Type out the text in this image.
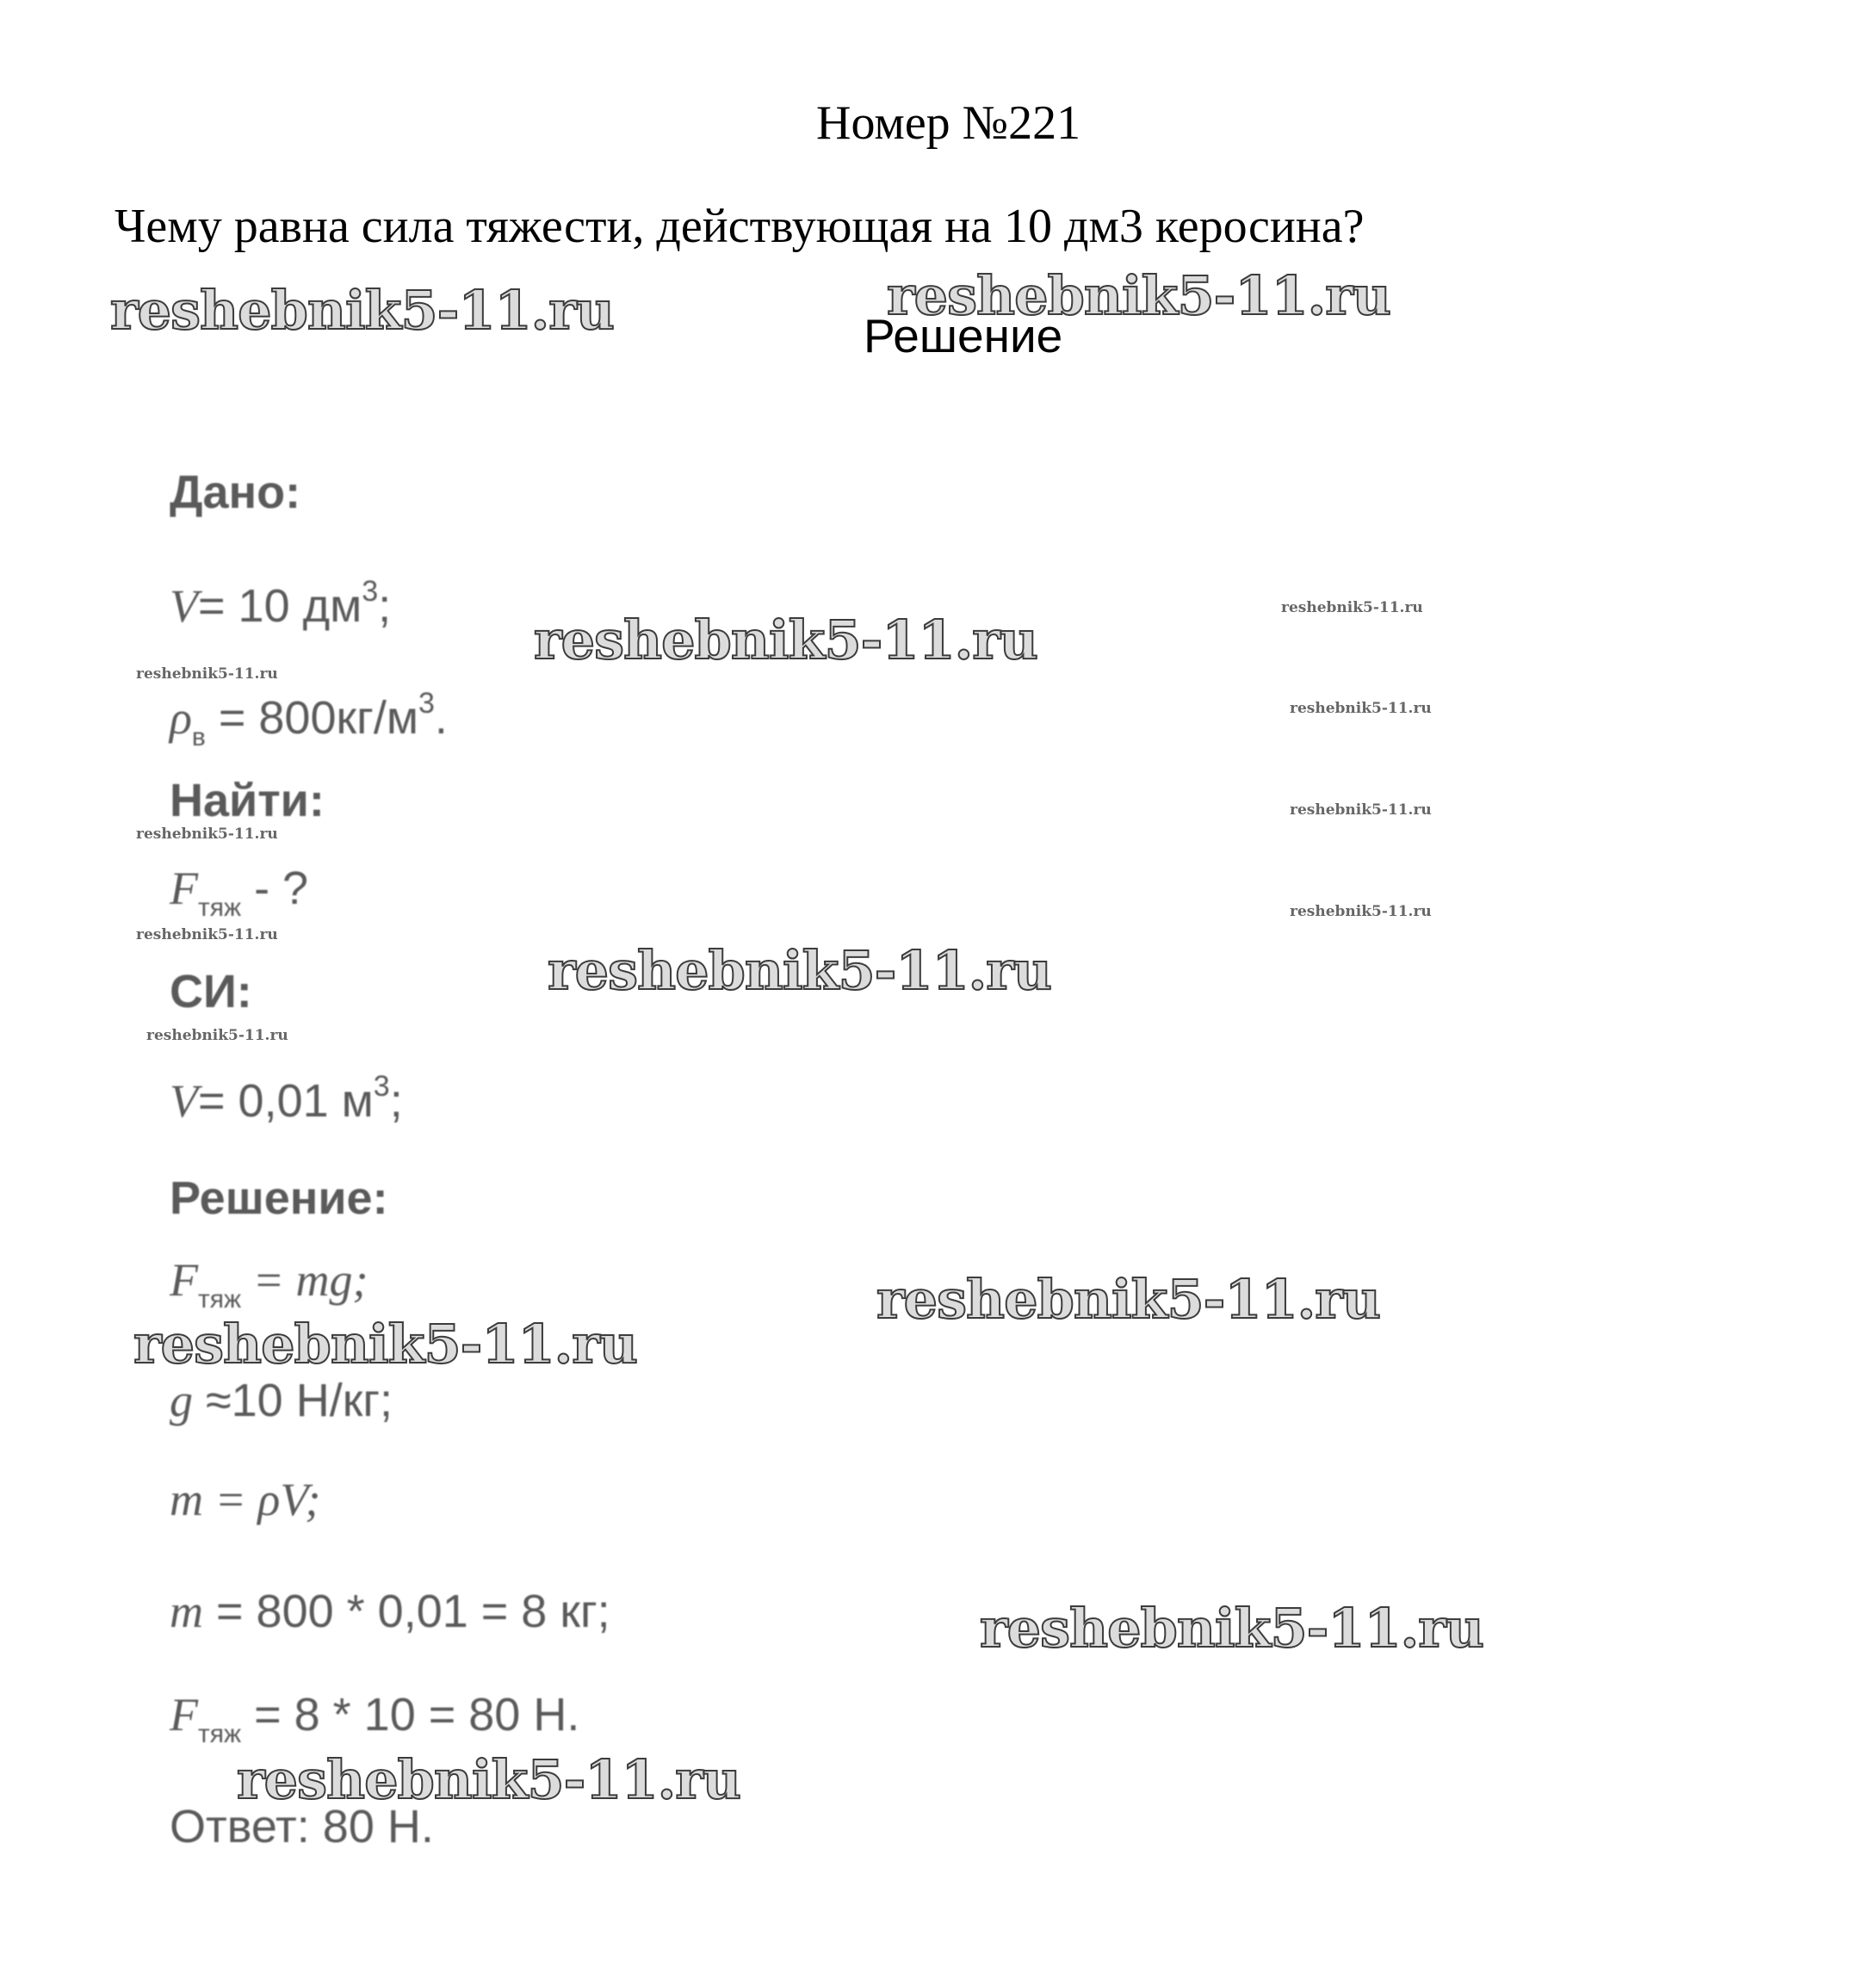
Номер №221
Чему равна сила тяжести, действующая на 10 дм3 керосина?
Решение
Дано:
V= 10 $дм^3$;
$\rho_в = 800кг/м^3$.
Найти:
$F_{тяж}$ - ?
СИ:
V= 0,01 $м^3$;
Решение:
$F_{тяж}$ = mg;
g ≈10 Н/кг;
m = ρV;
m = 800 * 0,01 = 8 кг;
$F_{тяж} = 8 * 10 = 80$ Н.
Ответ: 80 Н.
reshebnik5-11.ru	reshebnik5-11.ru
reshebnik5-11.ru
reshebnik5-11.ru
reshebnik5-11.ru
reshebnik5-11.ru
reshebnik5-11.ru
reshebnik5-11.ru
reshebnik5-11.ru
reshebnik5-11.ru
reshebnik5-11.ru
reshebnik5-11.ru
reshebnik5-11.ru
reshebnik5-11.ru
reshebnik5-11.ru
reshebnik5-11.ru
